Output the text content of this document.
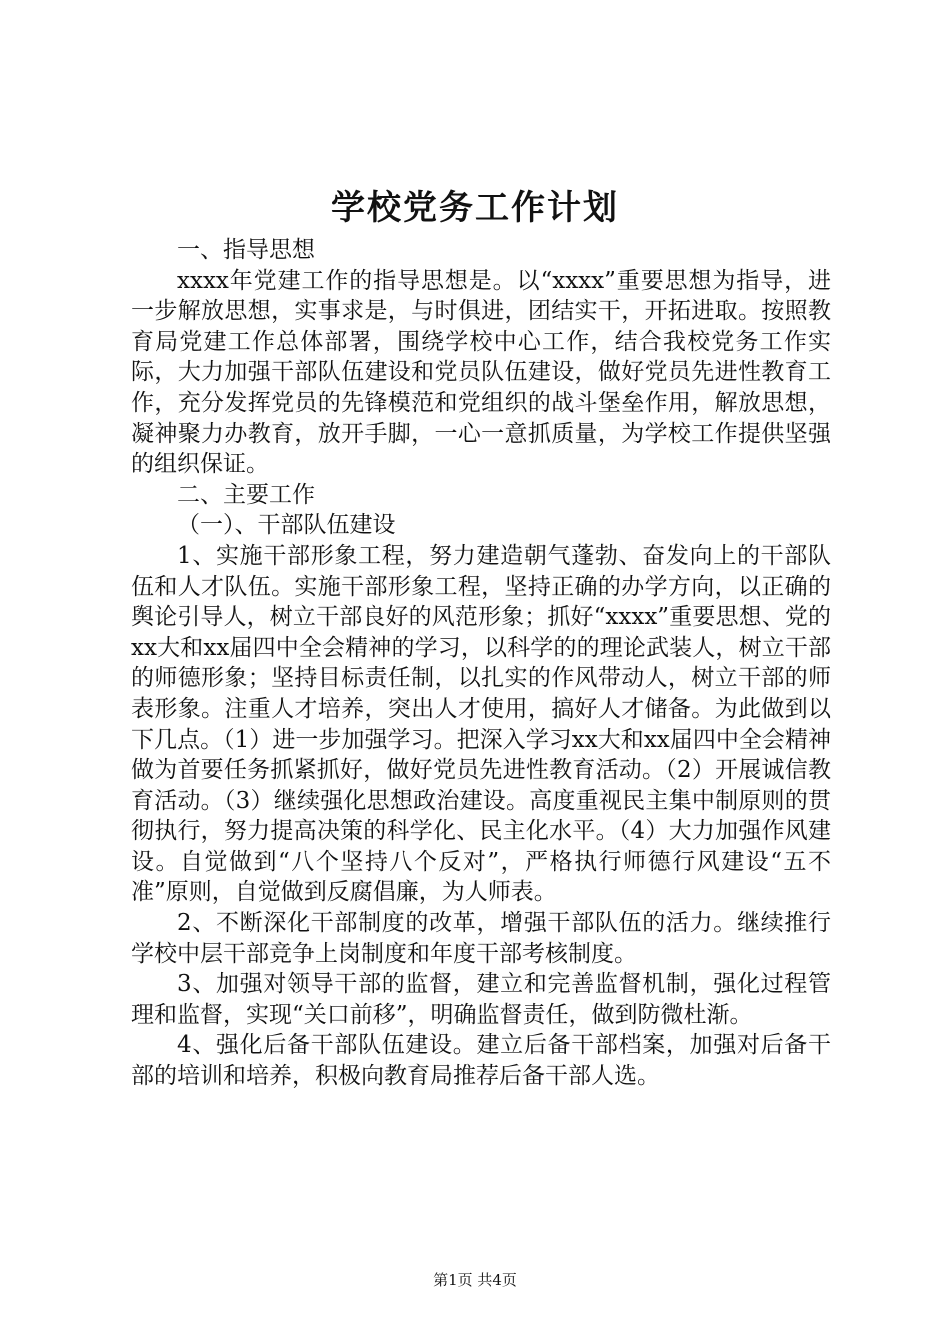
学校党务工作计划

一、指导思想

xxxx年党建工作的指导思想是。以“xxxx”重要思想为指导，进一步解放思想，实事求是，与时俱进，团结实干，开拓进取。按照教育局党建工作总体部署，围绕学校中心工作，结合我校党务工作实际，大力加强干部队伍建设和党员队伍建设，做好党员先进性教育工作，充分发挥党员的先锋模范和党组织的战斗堡垒作用，解放思想，凝神聚力办教育，放开手脚，一心一意抓质量，为学校工作提供坚强的组织保证。

二、主要工作

（一）、干部队伍建设

1、实施干部形象工程，努力建造朝气蓬勃、奋发向上的干部队伍和人才队伍。实施干部形象工程，坚持正确的办学方向，以正确的舆论引导人，树立干部良好的风范形象；抓好“xxxx”重要思想、党的xx大和xx届四中全会精神的学习，以科学的的理论武装人，树立干部的师德形象；坚持目标责任制，以扎实的作风带动人，树立干部的师表形象。注重人才培养，突出人才使用，搞好人才储备。为此做到以下几点。（1）进一步加强学习。把深入学习xx大和xx届四中全会精神做为首要任务抓紧抓好，做好党员先进性教育活动。（2）开展诚信教育活动。（3）继续强化思想政治建设。高度重视民主集中制原则的贯彻执行，努力提高决策的科学化、民主化水平。（4）大力加强作风建设。自觉做到“八个坚持八个反对”，严格执行师德行风建设“五不准”原则，自觉做到反腐倡廉，为人师表。

2、不断深化干部制度的改革，增强干部队伍的活力。继续推行学校中层干部竞争上岗制度和年度干部考核制度。

3、加强对领导干部的监督，建立和完善监督机制，强化过程管理和监督，实现“关口前移”，明确监督责任，做到防微杜渐。

4、强化后备干部队伍建设。建立后备干部档案，加强对后备干部的培训和培养，积极向教育局推荐后备干部人选。

第1页 共4页
